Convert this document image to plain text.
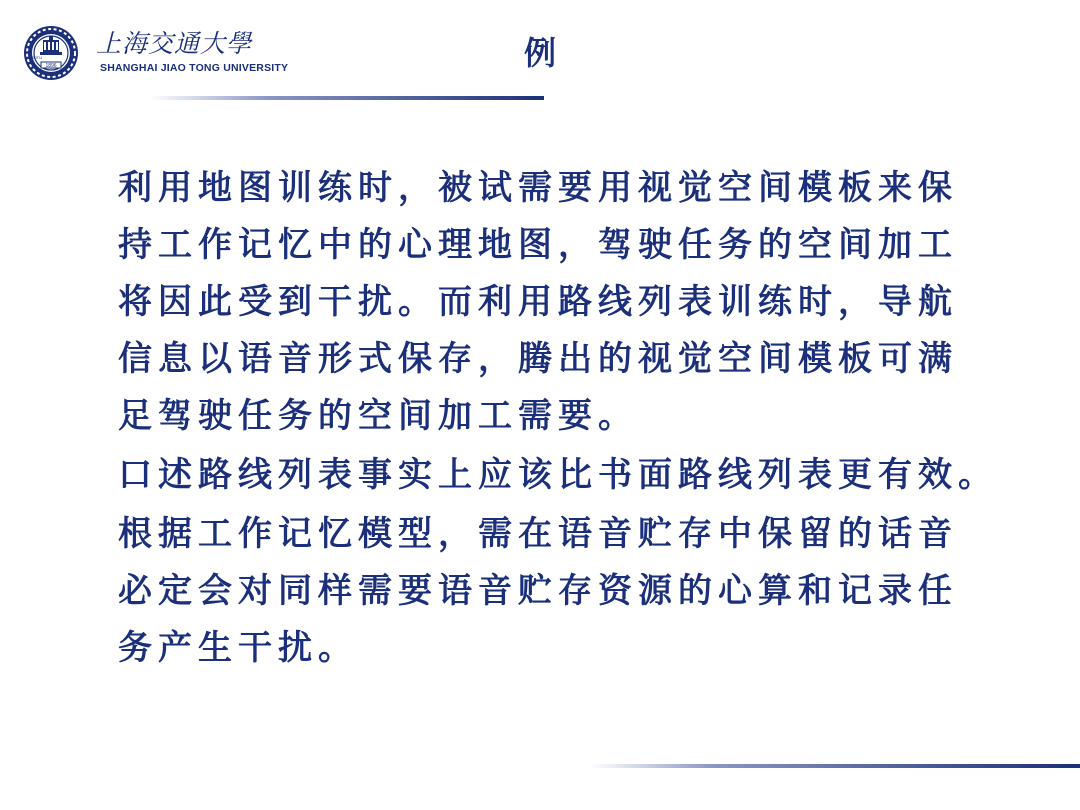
1896
SJTU 上海交通大學
SHANGHAI JIAO TONG UNIVERSITY	例
利用地图训练时，被试需要用视觉空间模板来保
持工作记忆中的心理地图，驾驶任务的空间加工
将因此受到干扰。而利用路线列表训练时，导航
信息以语音形式保存，腾出的视觉空间模板可满
足驾驶任务的空间加工需要。
口述路线列表事实上应该比书面路线列表更有效。
根据工作记忆模型，需在语音贮存中保留的话音
必定会对同样需要语音贮存资源的心算和记录任
务产生干扰。
